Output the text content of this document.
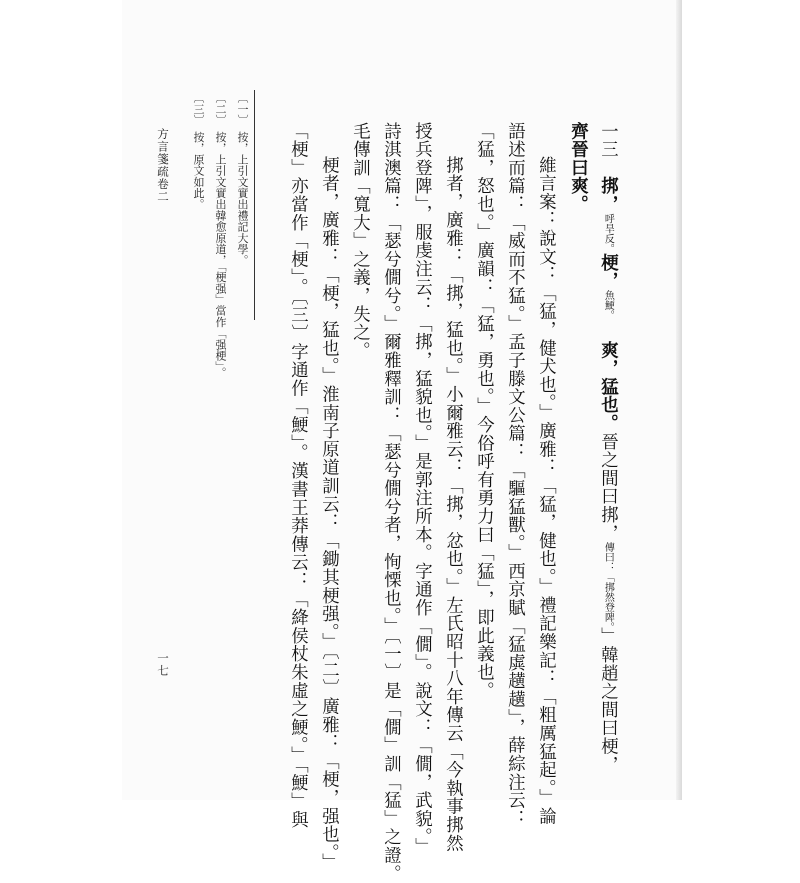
一三　挷，呼旱反。梗，魚鯁。 爽，猛也。晉之間曰挷，傳曰：「挷然登陴。」韓趙之間曰梗，
齊晉曰爽。
維言案：說文：「猛，健犬也。」廣雅：「猛，健也。」禮記樂記：「粗厲猛起。」論
語述而篇：「威而不猛。」孟子滕文公篇：「驅猛獸。」西京賦「猛虡趪趪」，薛綜注云：
「猛，怒也。」廣韻：「猛，勇也。」今俗呼有勇力曰「猛」，即此義也。
挷者，廣雅：「挷，猛也。」小爾雅云：「挷，忿也。」左氏昭十八年傳云「今執事挷然
授兵登陴」，服虔注云：「挷，猛貌也。」是郭注所本。字通作「僩」。說文：「僩，武貌。」
詩淇澳篇：「瑟兮僩兮。」爾雅釋訓：「瑟兮僩兮者，恂慄也。」〔一〕是「僩」訓「猛」之證。
毛傳訓「寬大」之義，失之。
梗者，廣雅：「梗，猛也。」淮南子原道訓云：「鋤其梗强。」〔二〕廣雅：「梗，强也。」
「梗」亦當作「梗」。〔三〕字通作「鯁」。漢書王莽傳云：「絳侯杖朱虛之鯁。」「鯁」與
〔一〕　按，上引文實出禮記大學。
〔二〕　按，上引文實出韓愈原道，「梗强」當作「强梗」。
〔三〕　按，原文如此。
方言箋疏卷二
一七
